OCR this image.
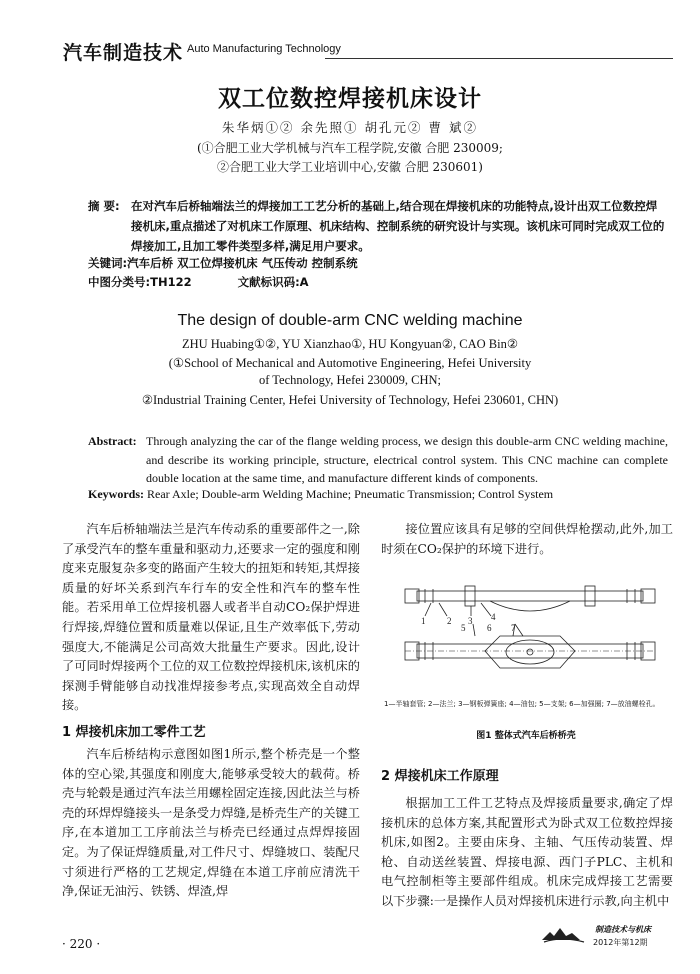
汽车制造技术 Auto Manufacturing Technology
双工位数控焊接机床设计
朱华炳①② 余先照① 胡孔元② 曹 斌②
(①合肥工业大学机械与汽车工程学院,安徽 合肥 230009;
②合肥工业大学工业培训中心,安徽 合肥 230601)
摘 要: 在对汽车后桥轴端法兰的焊接加工工艺分析的基础上,结合现在焊接机床的功能特点,设计出双工位数控焊接机床,重点描述了对机床工作原理、机床结构、控制系统的研究设计与实现。该机床可同时完成双工位的焊接加工,且加工零件类型多样,满足用户要求。
关键词:汽车后桥 双工位焊接机床 气压传动 控制系统
中图分类号:TH122	文献标识码:A
The design of double-arm CNC welding machine
ZHU Huabing①②, YU Xianzhao①, HU Kongyuan②, CAO Bin②
(①School of Mechanical and Automotive Engineering, Hefei University
of Technology, Hefei 230009, CHN;
②Industrial Training Center, Hefei University of Technology, Hefei 230601, CHN)
Abstract: Through analyzing the car of the flange welding process, we design this double-arm CNC welding machine, and describe its working principle, structure, electrical control system. This CNC machine can complete double location at the same time, and manufacture different kinds of components.
Keywords: Rear Axle; Double-arm Welding Machine; Pneumatic Transmission; Control System

汽车后桥轴端法兰是汽车传动系的重要部件之一,除了承受汽车的整车重量和驱动力,还要求一定的强度和刚度来克服复杂多变的路面产生较大的扭矩和转矩,其焊接质量的好坏关系到汽车行车的安全性和汽车的整车性能。若采用单工位焊接机器人或者半自动CO₂保护焊进行焊接,焊缝位置和质量难以保证,且生产效率低下,劳动强度大,不能满足公司高效大批量生产要求。因此,设计了可同时焊接两个工位的双工位数控焊接机床,该机床的探测手臂能够自动找准焊接参考点,实现高效全自动焊接。

1 焊接机床加工零件工艺

汽车后桥结构示意图如图1所示,整个桥壳是一个整体的空心梁,其强度和刚度大,能够承受较大的载荷。桥壳与轮毂是通过汽车法兰用螺栓固定连接,因此法兰与桥壳的环焊焊缝接头一是条受力焊缝,是桥壳生产的关键工序,在本道加工工序前法兰与桥壳已经通过点焊焊接固定。为了保证焊缝质量,对工件尺寸、焊缝坡口、装配尺寸须进行严格的工艺规定,焊缝在本道工序前应清洗干净,保证无油污、铁锈、焊渣,焊

接位置应该具有足够的空间供焊枪摆动,此外,加工时须在CO₂保护的环境下进行。

1 2 3 4
5 6 7
1—半轴套管; 2—法兰; 3—钢板弹簧座; 4—油包; 5—支架; 6—加强圈; 7—放油螺栓孔。
图1 整体式汽车后桥桥壳
2 焊接机床工作原理

根据加工工件工艺特点及焊接质量要求,确定了焊接机床的总体方案,其配置形式为卧式双工位数控焊接机床,如图2。主要由床身、主轴、气压传动装置、焊枪、自动送丝装置、焊接电源、西门子PLC、主机和电气控制柜等主要部件组成。机床完成焊接工艺需要以下步骤:一是操作人员对焊接机床进行示教,向主机中

· 220 ·
制造技术与机床
2012年第12期
